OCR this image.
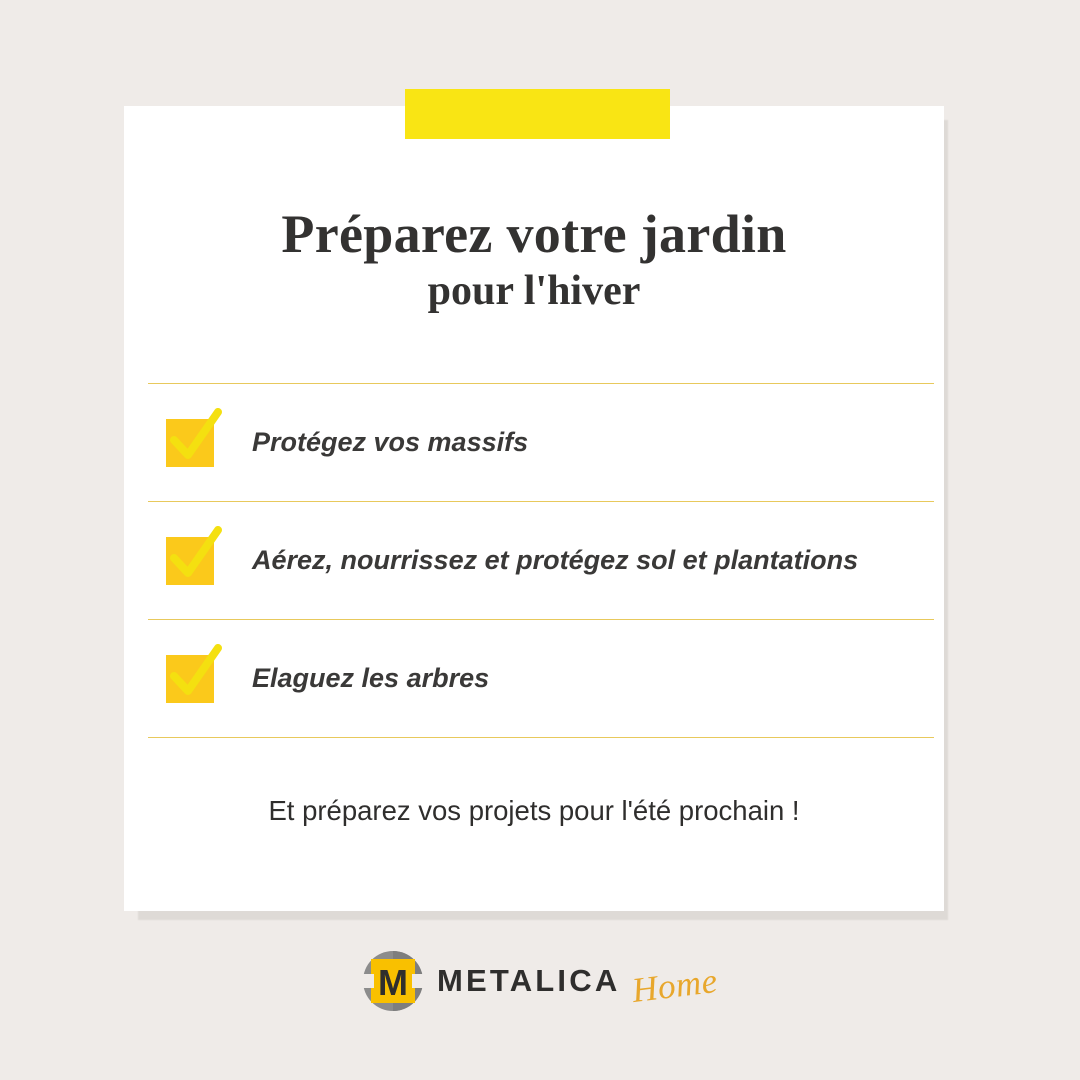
Préparez votre jardin
pour l'hiver
Protégez vos massifs
Aérez, nourrissez et protégez sol et plantations
Elaguez les arbres
Et préparez vos projets pour l'été prochain !
M METALICA Home
